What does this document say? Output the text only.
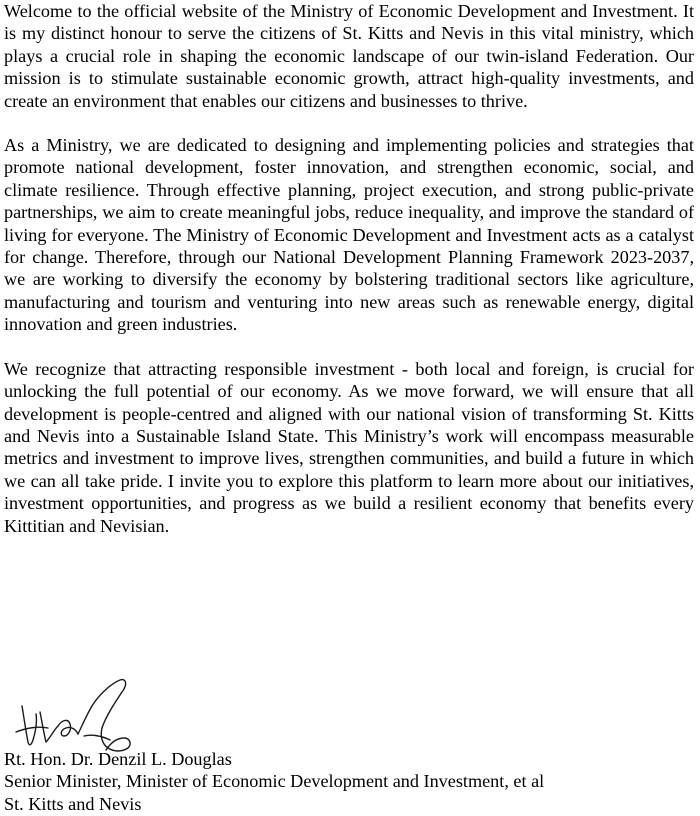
Welcome to the official website of the Ministry of Economic Development and Investment. It is my distinct honour to serve the citizens of St. Kitts and Nevis in this vital ministry, which plays a crucial role in shaping the economic landscape of our twin-island Federation. Our mission is to stimulate sustainable economic growth, attract high-quality investments, and create an environment that enables our citizens and businesses to thrive.

As a Ministry, we are dedicated to designing and implementing policies and strategies that promote national development, foster innovation, and strengthen economic, social, and climate resilience. Through effective planning, project execution, and strong public-private partnerships, we aim to create meaningful jobs, reduce inequality, and improve the standard of living for everyone. The Ministry of Economic Development and Investment acts as a catalyst for change. Therefore, through our National Development Planning Framework 2023-2037, we are working to diversify the economy by bolstering traditional sectors like agriculture, manufacturing and tourism and venturing into new areas such as renewable energy, digital innovation and green industries.

We recognize that attracting responsible investment - both local and foreign, is crucial for unlocking the full potential of our economy. As we move forward, we will ensure that all development is people-centred and aligned with our national vision of transforming St. Kitts and Nevis into a Sustainable Island State. This Ministry’s work will encompass measurable metrics and investment to improve lives, strengthen communities, and build a future in which we can all take pride. I invite you to explore this platform to learn more about our initiatives, investment opportunities, and progress as we build a resilient economy that benefits every Kittitian and Nevisian.

Rt. Hon. Dr. Denzil L. Douglas
Senior Minister, Minister of Economic Development and Investment, et al
St. Kitts and Nevis
